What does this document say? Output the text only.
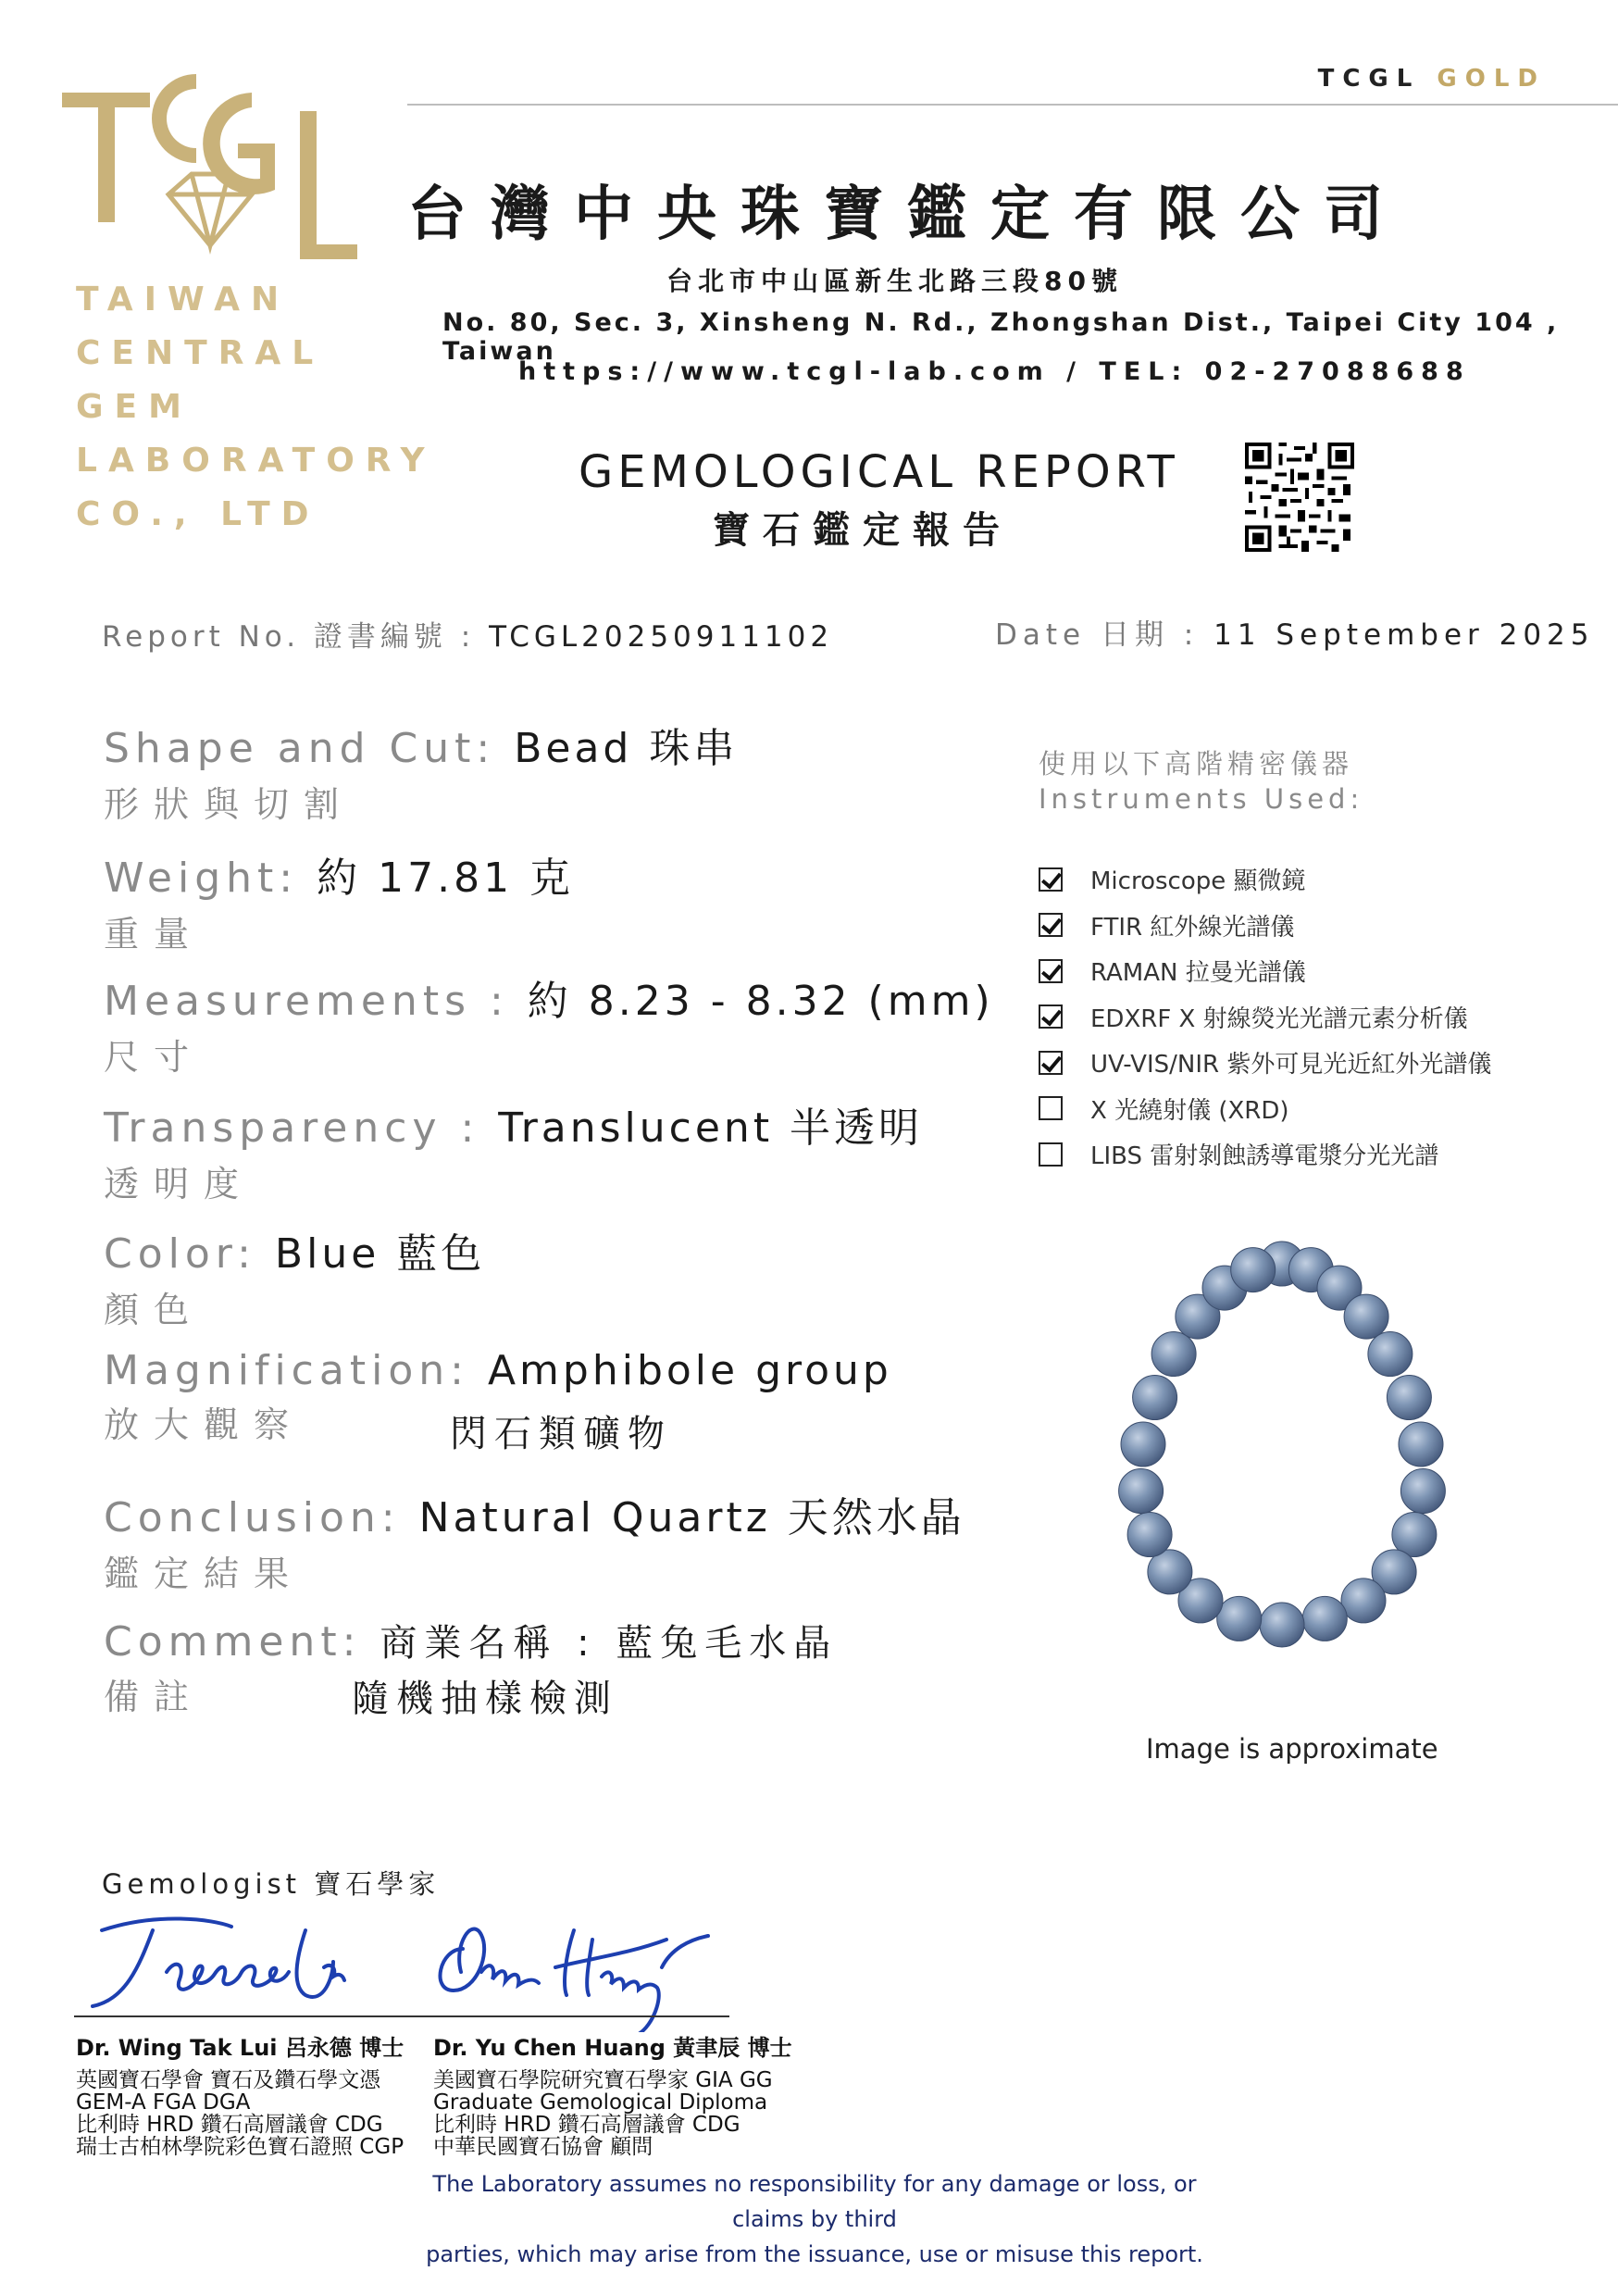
TCGL GOLD
TAIWAN
CENTRAL
GEM
LABORATORY
CO., LTD
台灣中央珠寶鑑定有限公司
台北市中山區新生北路三段80號
No. 80, Sec. 3, Xinsheng N. Rd., Zhongshan Dist., Taipei City 104 , Taiwan
https://www.tcgl-lab.com / TEL: 02-27088688
GEMOLOGICAL REPORT
寶石鑑定報告
Report No. 證書編號 : TCGL20250911102	Date 日期 : 11 September 2025
Shape and Cut: Bead 珠串
形狀與切割
Weight: 約 17.81 克
重量
Measurements : 約 8.23 - 8.32 (mm)
尺寸
Transparency : Translucent 半透明
透明度
Color: Blue 藍色
顏色
Magnification: Amphibole group
放大觀察	閃石類礦物
Conclusion: Natural Quartz 天然水晶
鑑定結果
Comment: 商業名稱 : 藍兔毛水晶
備註	隨機抽樣檢測
使用以下高階精密儀器
Instruments Used:
Microscope 顯微鏡
FTIR 紅外線光譜儀
RAMAN 拉曼光譜儀
EDXRF X 射線熒光光譜元素分析儀
UV-VIS/NIR 紫外可見光近紅外光譜儀
X 光繞射儀 (XRD)
LIBS 雷射剝蝕誘導電漿分光光譜
Image is approximate
Gemologist 寶石學家
Dr. Wing Tak Lui 呂永德 博士
英國寶石學會 寶石及鑽石學文憑
GEM-A FGA DGA
比利時 HRD 鑽石高層議會 CDG
瑞士古柏林學院彩色寶石證照 CGP
Dr. Yu Chen Huang 黃聿辰 博士
美國寶石學院研究寶石學家 GIA GG
Graduate Gemological Diploma
比利時 HRD 鑽石高層議會 CDG
中華民國寶石協會 顧問
The Laboratory assumes no responsibility for any damage or loss, or claims by third
parties, which may arise from the issuance, use or misuse this report.
